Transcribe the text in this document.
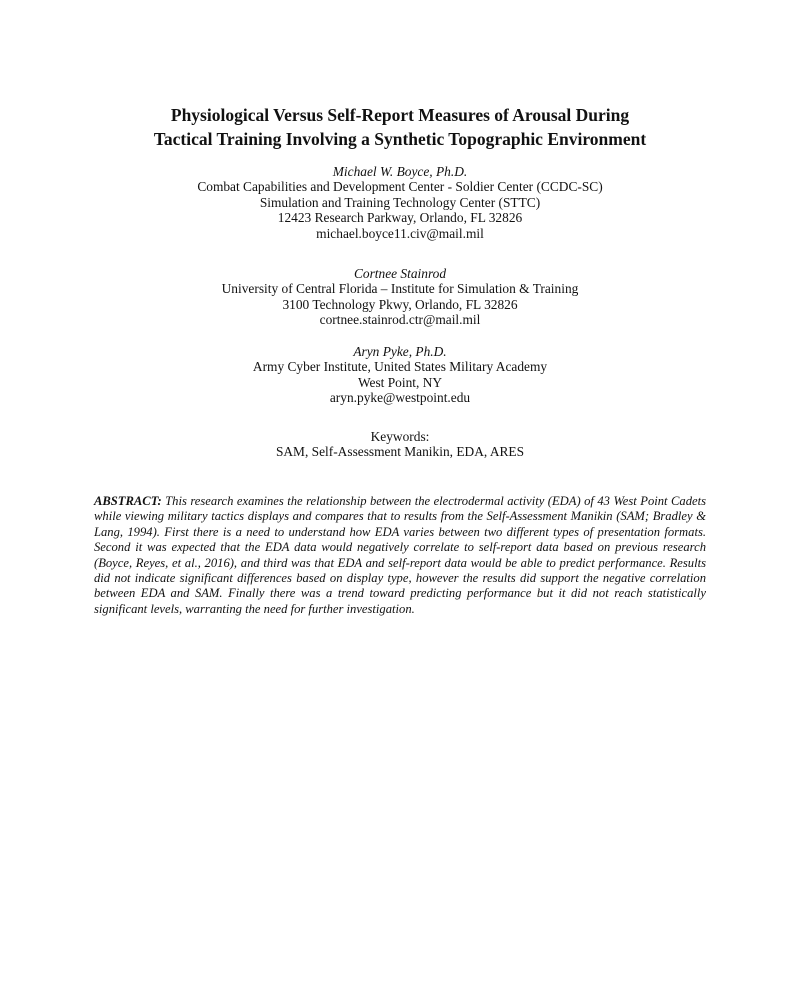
Physiological Versus Self-Report Measures of Arousal During
Tactical Training Involving a Synthetic Topographic Environment
Michael W. Boyce, Ph.D.
Combat Capabilities and Development Center - Soldier Center (CCDC-SC)
Simulation and Training Technology Center (STTC)
12423 Research Parkway, Orlando, FL 32826
michael.boyce11.civ@mail.mil
Cortnee Stainrod
University of Central Florida – Institute for Simulation & Training
3100 Technology Pkwy, Orlando, FL 32826
cortnee.stainrod.ctr@mail.mil
Aryn Pyke, Ph.D.
Army Cyber Institute, United States Military Academy
West Point, NY
aryn.pyke@westpoint.edu
Keywords:
SAM, Self-Assessment Manikin, EDA, ARES

ABSTRACT: This research examines the relationship between the electrodermal activity (EDA) of 43 West Point Cadets while viewing military tactics displays and compares that to results from the Self-Assessment Manikin (SAM; Bradley & Lang, 1994). First there is a need to understand how EDA varies between two different types of presentation formats. Second it was expected that the EDA data would negatively correlate to self-report data based on previous research (Boyce, Reyes, et al., 2016), and third was that EDA and self-report data would be able to predict performance. Results did not indicate significant differences based on display type, however the results did support the negative correlation between EDA and SAM. Finally there was a trend toward predicting performance but it did not reach statistically significant levels, warranting the need for further investigation.
